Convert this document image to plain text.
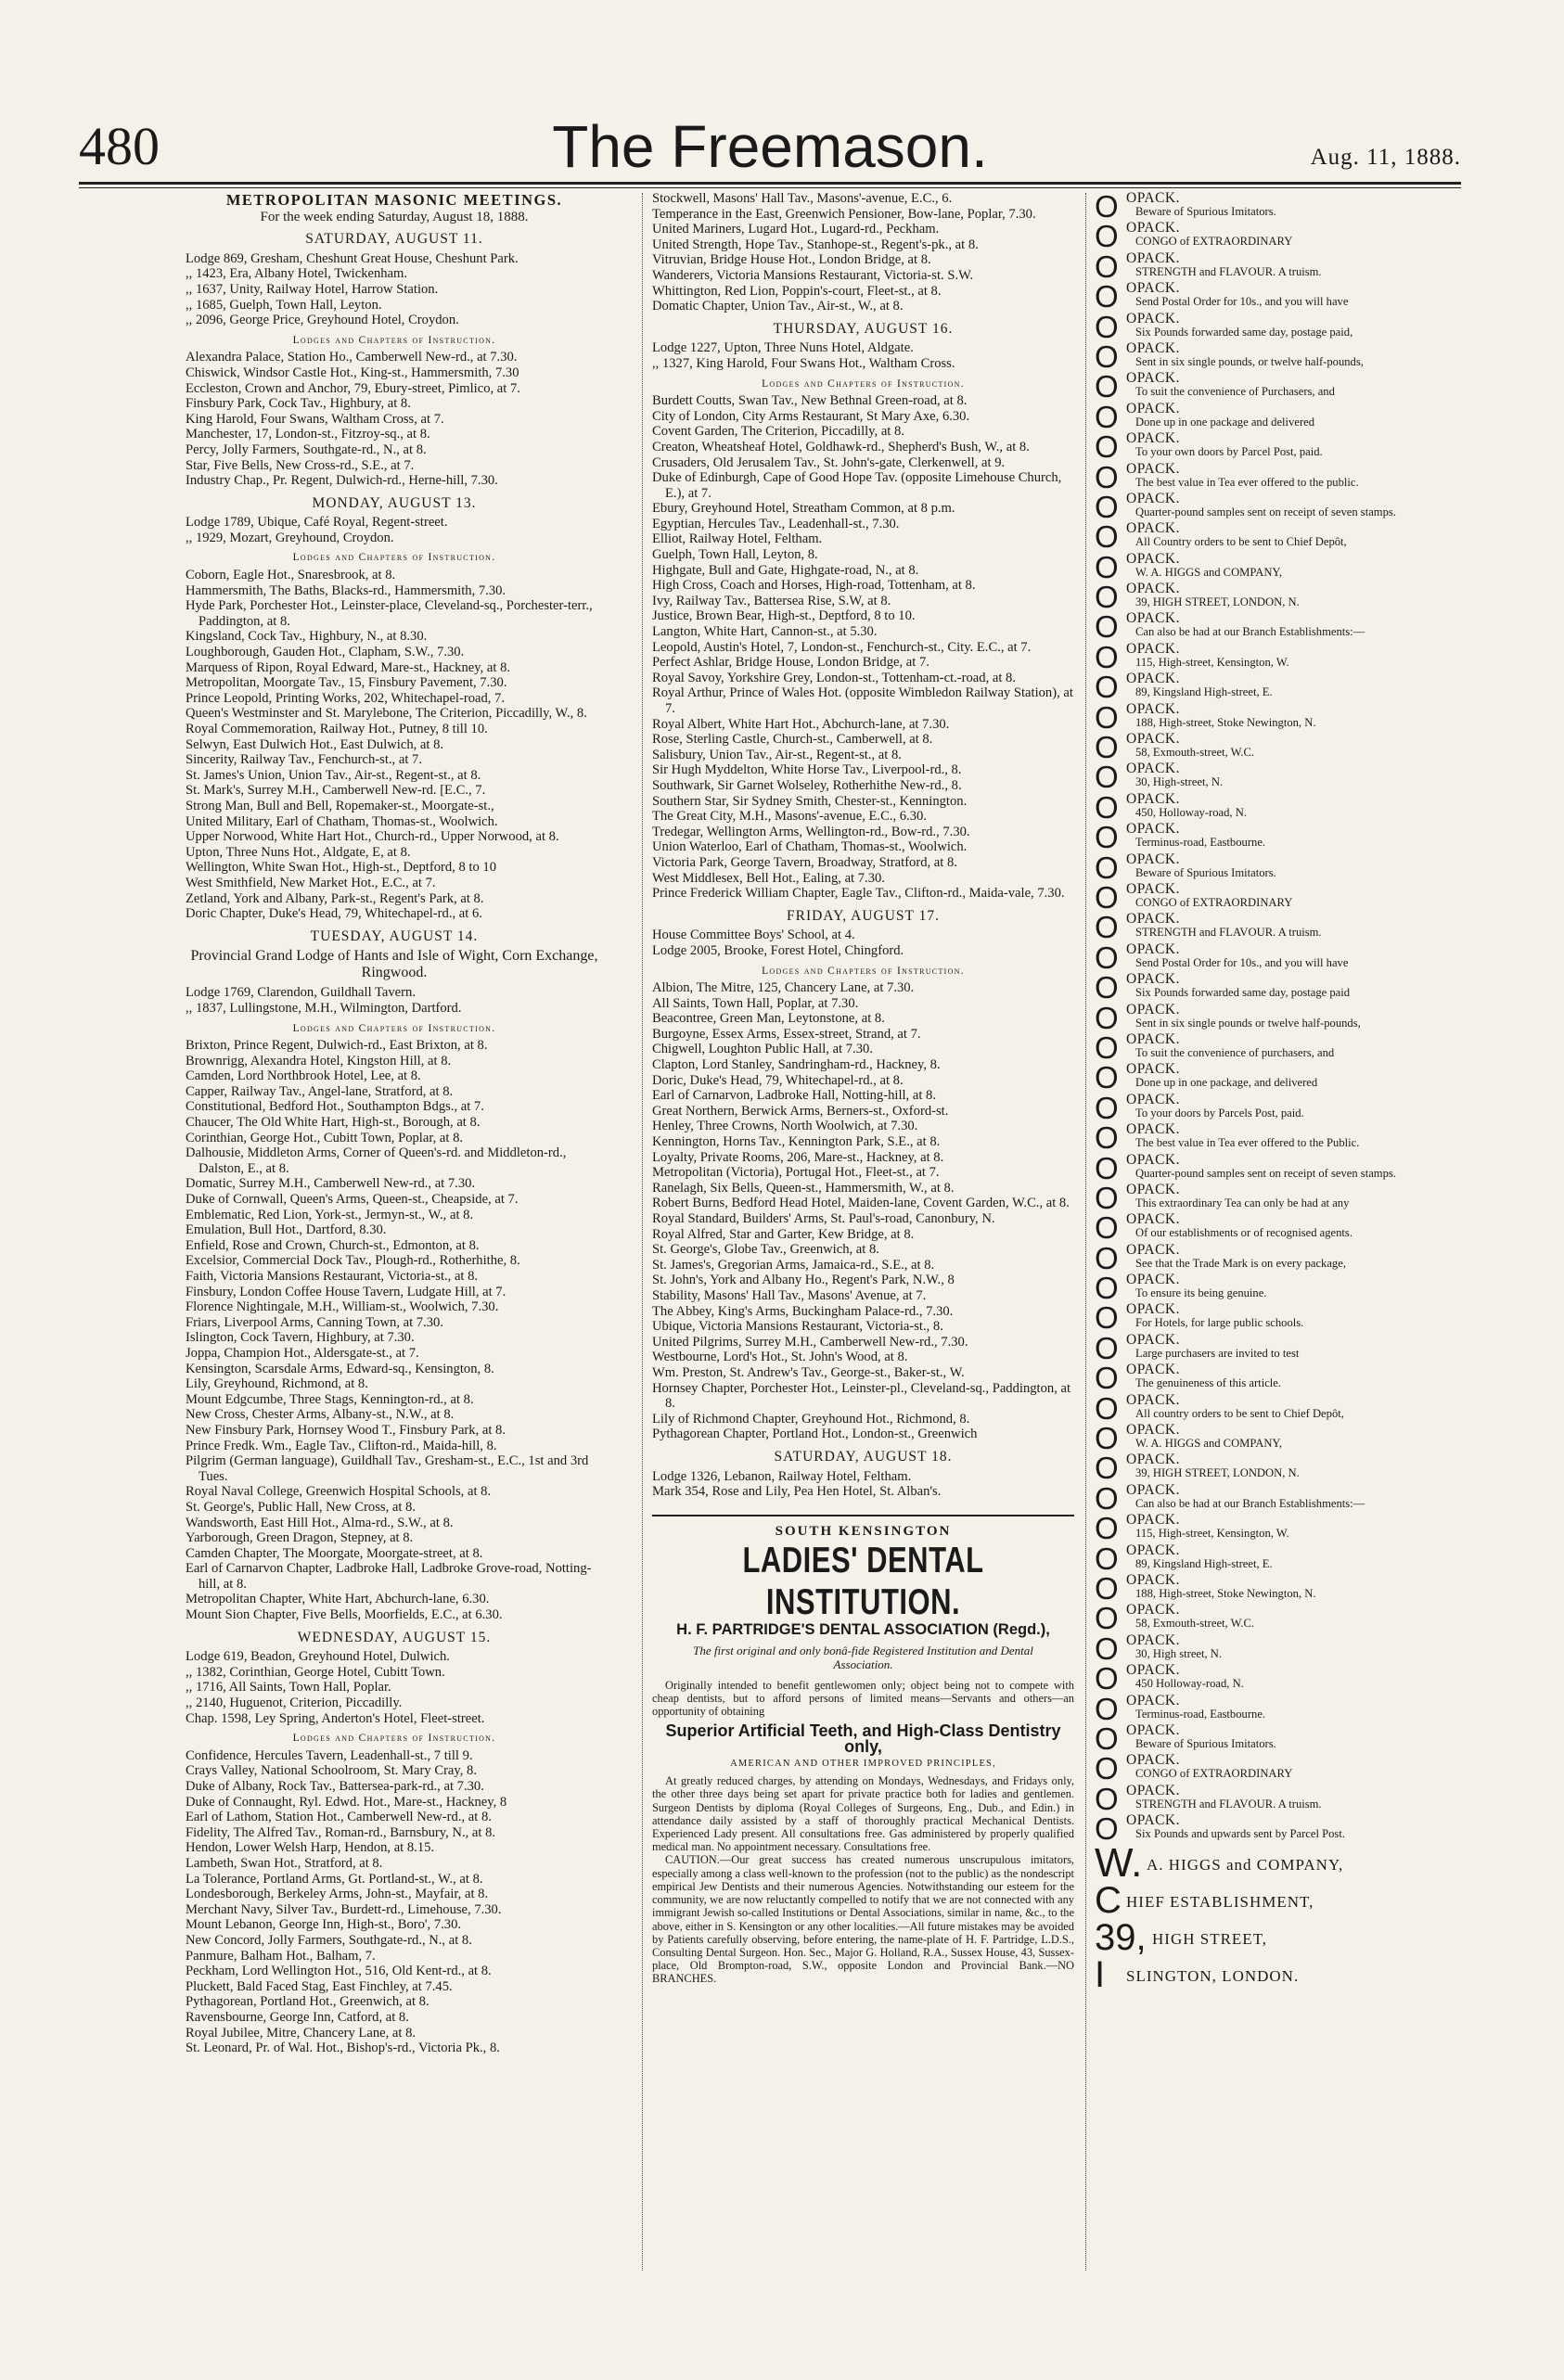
480	The Freemason.	Aug. 11, 1888.
METROPOLITAN MASONIC MEETINGS.
For the week ending Saturday, August 18, 1888.
SATURDAY, AUGUST 11.
Lodge 869, Gresham, Cheshunt Great House, Cheshunt Park.
,, 1423, Era, Albany Hotel, Twickenham.
,, 1637, Unity, Railway Hotel, Harrow Station.
,, 1685, Guelph, Town Hall, Leyton.
,, 2096, George Price, Greyhound Hotel, Croydon.
Lodges and Chapters of Instruction.
Alexandra Palace, Station Ho., Camberwell New-rd., at 7.30.
Chiswick, Windsor Castle Hot., King-st., Hammersmith, 7.30
Eccleston, Crown and Anchor, 79, Ebury-street, Pimlico, at 7.
Finsbury Park, Cock Tav., Highbury, at 8.
King Harold, Four Swans, Waltham Cross, at 7.
Manchester, 17, London-st., Fitzroy-sq., at 8.
Percy, Jolly Farmers, Southgate-rd., N., at 8.
Star, Five Bells, New Cross-rd., S.E., at 7.
Industry Chap., Pr. Regent, Dulwich-rd., Herne-hill, 7.30.
MONDAY, AUGUST 13.
Lodge 1789, Ubique, Café Royal, Regent-street.
,, 1929, Mozart, Greyhound, Croydon.
Lodges and Chapters of Instruction.
Coborn, Eagle Hot., Snaresbrook, at 8.
Hammersmith, The Baths, Blacks-rd., Hammersmith, 7.30.
Hyde Park, Porchester Hot., Leinster-place, Cleveland-sq., Porchester-terr., Paddington, at 8.
Kingsland, Cock Tav., Highbury, N., at 8.30.
Loughborough, Gauden Hot., Clapham, S.W., 7.30.
Marquess of Ripon, Royal Edward, Mare-st., Hackney, at 8.
Metropolitan, Moorgate Tav., 15, Finsbury Pavement, 7.30.
Prince Leopold, Printing Works, 202, Whitechapel-road, 7.
Queen's Westminster and St. Marylebone, The Criterion, Piccadilly, W., 8.
Royal Commemoration, Railway Hot., Putney, 8 till 10.
Selwyn, East Dulwich Hot., East Dulwich, at 8.
Sincerity, Railway Tav., Fenchurch-st., at 7.
St. James's Union, Union Tav., Air-st., Regent-st., at 8.
St. Mark's, Surrey M.H., Camberwell New-rd. [E.C., 7.
Strong Man, Bull and Bell, Ropemaker-st., Moorgate-st.,
United Military, Earl of Chatham, Thomas-st., Woolwich.
Upper Norwood, White Hart Hot., Church-rd., Upper Norwood, at 8.
Upton, Three Nuns Hot., Aldgate, E, at 8.
Wellington, White Swan Hot., High-st., Deptford, 8 to 10
West Smithfield, New Market Hot., E.C., at 7.
Zetland, York and Albany, Park-st., Regent's Park, at 8.
Doric Chapter, Duke's Head, 79, Whitechapel-rd., at 6.
TUESDAY, AUGUST 14.
Provincial Grand Lodge of Hants and Isle of Wight, Corn Exchange, Ringwood.
Lodge 1769, Clarendon, Guildhall Tavern.
,, 1837, Lullingstone, M.H., Wilmington, Dartford.
Lodges and Chapters of Instruction.
Brixton, Prince Regent, Dulwich-rd., East Brixton, at 8.
Brownrigg, Alexandra Hotel, Kingston Hill, at 8.
Camden, Lord Northbrook Hotel, Lee, at 8.
Capper, Railway Tav., Angel-lane, Stratford, at 8.
Constitutional, Bedford Hot., Southampton Bdgs., at 7.
Chaucer, The Old White Hart, High-st., Borough, at 8.
Corinthian, George Hot., Cubitt Town, Poplar, at 8.
Dalhousie, Middleton Arms, Corner of Queen's-rd. and Middleton-rd., Dalston, E., at 8.
Domatic, Surrey M.H., Camberwell New-rd., at 7.30.
Duke of Cornwall, Queen's Arms, Queen-st., Cheapside, at 7.
Emblematic, Red Lion, York-st., Jermyn-st., W., at 8.
Emulation, Bull Hot., Dartford, 8.30.
Enfield, Rose and Crown, Church-st., Edmonton, at 8.
Excelsior, Commercial Dock Tav., Plough-rd., Rotherhithe, 8.
Faith, Victoria Mansions Restaurant, Victoria-st., at 8.
Finsbury, London Coffee House Tavern, Ludgate Hill, at 7.
Florence Nightingale, M.H., William-st., Woolwich, 7.30.
Friars, Liverpool Arms, Canning Town, at 7.30.
Islington, Cock Tavern, Highbury, at 7.30.
Joppa, Champion Hot., Aldersgate-st., at 7.
Kensington, Scarsdale Arms, Edward-sq., Kensington, 8.
Lily, Greyhound, Richmond, at 8.
Mount Edgcumbe, Three Stags, Kennington-rd., at 8.
New Cross, Chester Arms, Albany-st., N.W., at 8.
New Finsbury Park, Hornsey Wood T., Finsbury Park, at 8.
Prince Fredk. Wm., Eagle Tav., Clifton-rd., Maida-hill, 8.
Pilgrim (German language), Guildhall Tav., Gresham-st., E.C., 1st and 3rd Tues.
Royal Naval College, Greenwich Hospital Schools, at 8.
St. George's, Public Hall, New Cross, at 8.
Wandsworth, East Hill Hot., Alma-rd., S.W., at 8.
Yarborough, Green Dragon, Stepney, at 8.
Camden Chapter, The Moorgate, Moorgate-street, at 8.
Earl of Carnarvon Chapter, Ladbroke Hall, Ladbroke Grove-road, Notting-hill, at 8.
Metropolitan Chapter, White Hart, Abchurch-lane, 6.30.
Mount Sion Chapter, Five Bells, Moorfields, E.C., at 6.30.
WEDNESDAY, AUGUST 15.
Lodge 619, Beadon, Greyhound Hotel, Dulwich.
,, 1382, Corinthian, George Hotel, Cubitt Town.
,, 1716, All Saints, Town Hall, Poplar.
,, 2140, Huguenot, Criterion, Piccadilly.
Chap. 1598, Ley Spring, Anderton's Hotel, Fleet-street.
Lodges and Chapters of Instruction.
Confidence, Hercules Tavern, Leadenhall-st., 7 till 9.
Crays Valley, National Schoolroom, St. Mary Cray, 8.
Duke of Albany, Rock Tav., Battersea-park-rd., at 7.30.
Duke of Connaught, Ryl. Edwd. Hot., Mare-st., Hackney, 8
Earl of Lathom, Station Hot., Camberwell New-rd., at 8.
Fidelity, The Alfred Tav., Roman-rd., Barnsbury, N., at 8.
Hendon, Lower Welsh Harp, Hendon, at 8.15.
Lambeth, Swan Hot., Stratford, at 8.
La Tolerance, Portland Arms, Gt. Portland-st., W., at 8.
Londesborough, Berkeley Arms, John-st., Mayfair, at 8.
Merchant Navy, Silver Tav., Burdett-rd., Limehouse, 7.30.
Mount Lebanon, George Inn, High-st., Boro', 7.30.
New Concord, Jolly Farmers, Southgate-rd., N., at 8.
Panmure, Balham Hot., Balham, 7.
Peckham, Lord Wellington Hot., 516, Old Kent-rd., at 8.
Pluckett, Bald Faced Stag, East Finchley, at 7.45.
Pythagorean, Portland Hot., Greenwich, at 8.
Ravensbourne, George Inn, Catford, at 8.
Royal Jubilee, Mitre, Chancery Lane, at 8.
St. Leonard, Pr. of Wal. Hot., Bishop's-rd., Victoria Pk., 8.
Stockwell, Masons' Hall Tav., Masons'-avenue, E.C., 6.
Temperance in the East, Greenwich Pensioner, Bow-lane, Poplar, 7.30.
United Mariners, Lugard Hot., Lugard-rd., Peckham.
United Strength, Hope Tav., Stanhope-st., Regent's-pk., at 8.
Vitruvian, Bridge House Hot., London Bridge, at 8.
Wanderers, Victoria Mansions Restaurant, Victoria-st. S.W.
Whittington, Red Lion, Poppin's-court, Fleet-st., at 8.
Domatic Chapter, Union Tav., Air-st., W., at 8.
THURSDAY, AUGUST 16.
Lodge 1227, Upton, Three Nuns Hotel, Aldgate.
,, 1327, King Harold, Four Swans Hot., Waltham Cross.
Lodges and Chapters of Instruction.
Burdett Coutts, Swan Tav., New Bethnal Green-road, at 8.
City of London, City Arms Restaurant, St Mary Axe, 6.30.
Covent Garden, The Criterion, Piccadilly, at 8.
Creaton, Wheatsheaf Hotel, Goldhawk-rd., Shepherd's Bush, W., at 8.
Crusaders, Old Jerusalem Tav., St. John's-gate, Clerkenwell, at 9.
Duke of Edinburgh, Cape of Good Hope Tav. (opposite Limehouse Church, E.), at 7.
Ebury, Greyhound Hotel, Streatham Common, at 8 p.m.
Egyptian, Hercules Tav., Leadenhall-st., 7.30.
Elliot, Railway Hotel, Feltham.
Guelph, Town Hall, Leyton, 8.
Highgate, Bull and Gate, Highgate-road, N., at 8.
High Cross, Coach and Horses, High-road, Tottenham, at 8.
Ivy, Railway Tav., Battersea Rise, S.W, at 8.
Justice, Brown Bear, High-st., Deptford, 8 to 10.
Langton, White Hart, Cannon-st., at 5.30.
Leopold, Austin's Hotel, 7, London-st., Fenchurch-st., City. E.C., at 7.
Perfect Ashlar, Bridge House, London Bridge, at 7.
Royal Savoy, Yorkshire Grey, London-st., Tottenham-ct.-road, at 8.
Royal Arthur, Prince of Wales Hot. (opposite Wimbledon Railway Station), at 7.
Royal Albert, White Hart Hot., Abchurch-lane, at 7.30.
Rose, Sterling Castle, Church-st., Camberwell, at 8.
Salisbury, Union Tav., Air-st., Regent-st., at 8.
Sir Hugh Myddelton, White Horse Tav., Liverpool-rd., 8.
Southwark, Sir Garnet Wolseley, Rotherhithe New-rd., 8.
Southern Star, Sir Sydney Smith, Chester-st., Kennington.
The Great City, M.H., Masons'-avenue, E.C., 6.30.
Tredegar, Wellington Arms, Wellington-rd., Bow-rd., 7.30.
Union Waterloo, Earl of Chatham, Thomas-st., Woolwich.
Victoria Park, George Tavern, Broadway, Stratford, at 8.
West Middlesex, Bell Hot., Ealing, at 7.30.
Prince Frederick William Chapter, Eagle Tav., Clifton-rd., Maida-vale, 7.30.
FRIDAY, AUGUST 17.
House Committee Boys' School, at 4.
Lodge 2005, Brooke, Forest Hotel, Chingford.
Lodges and Chapters of Instruction.
Albion, The Mitre, 125, Chancery Lane, at 7.30.
All Saints, Town Hall, Poplar, at 7.30.
Beacontree, Green Man, Leytonstone, at 8.
Burgoyne, Essex Arms, Essex-street, Strand, at 7.
Chigwell, Loughton Public Hall, at 7.30.
Clapton, Lord Stanley, Sandringham-rd., Hackney, 8.
Doric, Duke's Head, 79, Whitechapel-rd., at 8.
Earl of Carnarvon, Ladbroke Hall, Notting-hill, at 8.
Great Northern, Berwick Arms, Berners-st., Oxford-st.
Henley, Three Crowns, North Woolwich, at 7.30.
Kennington, Horns Tav., Kennington Park, S.E., at 8.
Loyalty, Private Rooms, 206, Mare-st., Hackney, at 8.
Metropolitan (Victoria), Portugal Hot., Fleet-st., at 7.
Ranelagh, Six Bells, Queen-st., Hammersmith, W., at 8.
Robert Burns, Bedford Head Hotel, Maiden-lane, Covent Garden, W.C., at 8.
Royal Standard, Builders' Arms, St. Paul's-road, Canonbury, N.
Royal Alfred, Star and Garter, Kew Bridge, at 8.
St. George's, Globe Tav., Greenwich, at 8.
St. James's, Gregorian Arms, Jamaica-rd., S.E., at 8.
St. John's, York and Albany Ho., Regent's Park, N.W., 8
Stability, Masons' Hall Tav., Masons' Avenue, at 7.
The Abbey, King's Arms, Buckingham Palace-rd., 7.30.
Ubique, Victoria Mansions Restaurant, Victoria-st., 8.
United Pilgrims, Surrey M.H., Camberwell New-rd., 7.30.
Westbourne, Lord's Hot., St. John's Wood, at 8.
Wm. Preston, St. Andrew's Tav., George-st., Baker-st., W.
Hornsey Chapter, Porchester Hot., Leinster-pl., Cleveland-sq., Paddington, at 8.
Lily of Richmond Chapter, Greyhound Hot., Richmond, 8.
Pythagorean Chapter, Portland Hot., London-st., Greenwich
SATURDAY, AUGUST 18.
Lodge 1326, Lebanon, Railway Hotel, Feltham.
Mark 354, Rose and Lily, Pea Hen Hotel, St. Alban's.
SOUTH KENSINGTON
LADIES' DENTAL INSTITUTION.
H. F. PARTRIDGE'S DENTAL ASSOCIATION (Regd.),
The first original and only bonâ-fide Registered Institution and Dental Association.
Originally intended to benefit gentlewomen only; object being not to compete with cheap dentists, but to afford persons of limited means—Servants and others—an opportunity of obtaining
Superior Artificial Teeth, and High-Class Dentistry only,
AMERICAN AND OTHER IMPROVED PRINCIPLES,
At greatly reduced charges, by attending on Mondays, Wednesdays, and Fridays only, the other three days being set apart for private practice both for ladies and gentlemen. Surgeon Dentists by diploma (Royal Colleges of Surgeons, Eng., Dub., and Edin.) in attendance daily assisted by a staff of thoroughly practical Mechanical Dentists. Experienced Lady present. All consultations free. Gas administered by properly qualified medical man. No appointment necessary. Consultations free.
CAUTION.—Our great success has created numerous unscrupulous imitators, especially among a class well-known to the profession (not to the public) as the nondescript empirical Jew Dentists and their numerous Agencies. Notwithstanding our esteem for the community, we are now reluctantly compelled to notify that we are not connected with any immigrant Jewish so-called Institutions or Dental Associations, similar in name, &c., to the above, either in S. Kensington or any other localities.—All future mistakes may be avoided by Patients carefully observing, before entering, the name-plate of H. F. Partridge, L.D.S., Consulting Dental Surgeon. Hon. Sec., Major G. Holland, R.A., Sussex House, 43, Sussex-place, Old Brompton-road, S.W., opposite London and Provincial Bank.—NO BRANCHES.
O OPACK.
Beware of Spurious Imitators.
O OPACK.
CONGO of EXTRAORDINARY
O OPACK.
STRENGTH and FLAVOUR. A truism.
O OPACK.
Send Postal Order for 10s., and you will have
O OPACK.
Six Pounds forwarded same day, postage paid,
O OPACK.
Sent in six single pounds, or twelve half-pounds,
O OPACK.
To suit the convenience of Purchasers, and
O OPACK.
Done up in one package and delivered
O OPACK.
To your own doors by Parcel Post, paid.
O OPACK.
The best value in Tea ever offered to the public.
O OPACK.
Quarter-pound samples sent on receipt of seven stamps.
O OPACK.
All Country orders to be sent to Chief Depôt,
O OPACK.
W. A. HIGGS and COMPANY,
O OPACK.
39, HIGH STREET, LONDON, N.
O OPACK.
Can also be had at our Branch Establishments:—
O OPACK.
115, High-street, Kensington, W.
O OPACK.
89, Kingsland High-street, E.
O OPACK.
188, High-street, Stoke Newington, N.
O OPACK.
58, Exmouth-street, W.C.
O OPACK.
30, High-street, N.
O OPACK.
450, Holloway-road, N.
O OPACK.
Terminus-road, Eastbourne.
O OPACK.
Beware of Spurious Imitators.
O OPACK.
CONGO of EXTRAORDINARY
O OPACK.
STRENGTH and FLAVOUR. A truism.
O OPACK.
Send Postal Order for 10s., and you will have
O OPACK.
Six Pounds forwarded same day, postage paid
O OPACK.
Sent in six single pounds or twelve half-pounds,
O OPACK.
To suit the convenience of purchasers, and
O OPACK.
Done up in one package, and delivered
O OPACK.
To your doors by Parcels Post, paid.
O OPACK.
The best value in Tea ever offered to the Public.
O OPACK.
Quarter-pound samples sent on receipt of seven stamps.
O OPACK.
This extraordinary Tea can only be had at any
O OPACK.
Of our establishments or of recognised agents.
O OPACK.
See that the Trade Mark is on every package,
O OPACK.
To ensure its being genuine.
O OPACK.
For Hotels, for large public schools.
O OPACK.
Large purchasers are invited to test
O OPACK.
The genuineness of this article.
O OPACK.
All country orders to be sent to Chief Depôt,
O OPACK.
W. A. HIGGS and COMPANY,
O OPACK.
39, HIGH STREET, LONDON, N.
O OPACK.
Can also be had at our Branch Establishments:—
O OPACK.
115, High-street, Kensington, W.
O OPACK.
89, Kingsland High-street, E.
O OPACK.
188, High-street, Stoke Newington, N.
O OPACK.
58, Exmouth-street, W.C.
O OPACK.
30, High street, N.
O OPACK.
450 Holloway-road, N.
O OPACK.
Terminus-road, Eastbourne.
O OPACK.
Beware of Spurious Imitators.
O OPACK.
CONGO of EXTRAORDINARY
O OPACK.
STRENGTH and FLAVOUR. A truism.
O OPACK.
Six Pounds and upwards sent by Parcel Post.
W. A. HIGGS and COMPANY,
C HIEF ESTABLISHMENT,
39, HIGH STREET,
I SLINGTON, LONDON.
